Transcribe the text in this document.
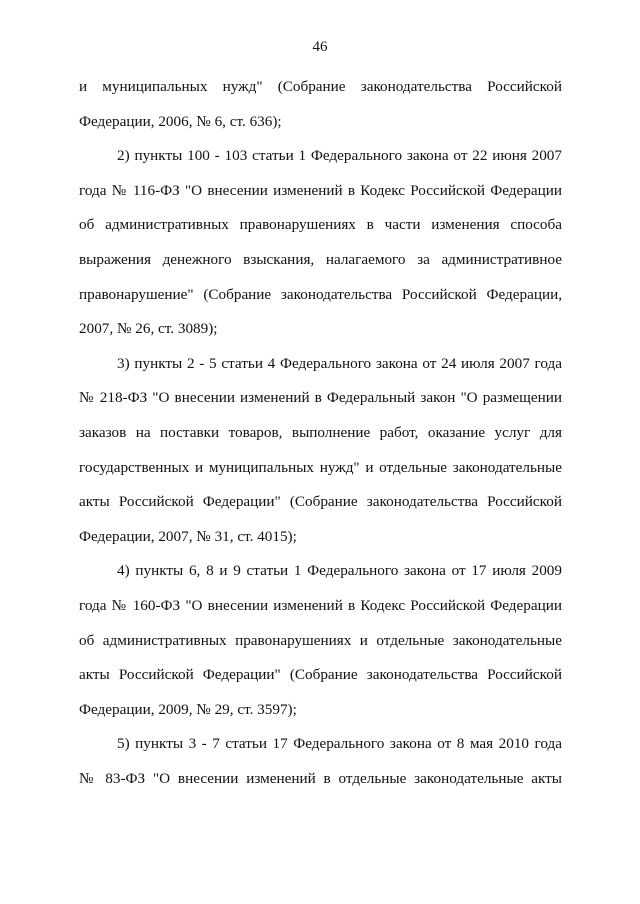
46

и муниципальных нужд" (Собрание законодательства Российской Федерации, 2006, № 6, ст. 636);

2) пункты 100 - 103 статьи 1 Федерального закона от 22 июня 2007 года № 116-ФЗ "О внесении изменений в Кодекс Российской Федерации об административных правонарушениях в части изменения способа выражения денежного взыскания, налагаемого за административное правонарушение" (Собрание законодательства Российской Федерации, 2007, № 26, ст. 3089);

3) пункты 2 - 5 статьи 4 Федерального закона от 24 июля 2007 года № 218-ФЗ "О внесении изменений в Федеральный закон "О размещении заказов на поставки товаров, выполнение работ, оказание услуг для государственных и муниципальных нужд" и отдельные законодательные акты Российской Федерации" (Собрание законодательства Российской Федерации, 2007, № 31, ст. 4015);

4) пункты 6, 8 и 9 статьи 1 Федерального закона от 17 июля 2009 года № 160-ФЗ "О внесении изменений в Кодекс Российской Федерации об административных правонарушениях и отдельные законодательные акты Российской Федерации" (Собрание законодательства Российской Федерации, 2009, № 29, ст. 3597);

5) пункты 3 - 7 статьи 17 Федерального закона от 8 мая 2010 года

№ 83-ФЗ "О внесении изменений в отдельные законодательные акты
